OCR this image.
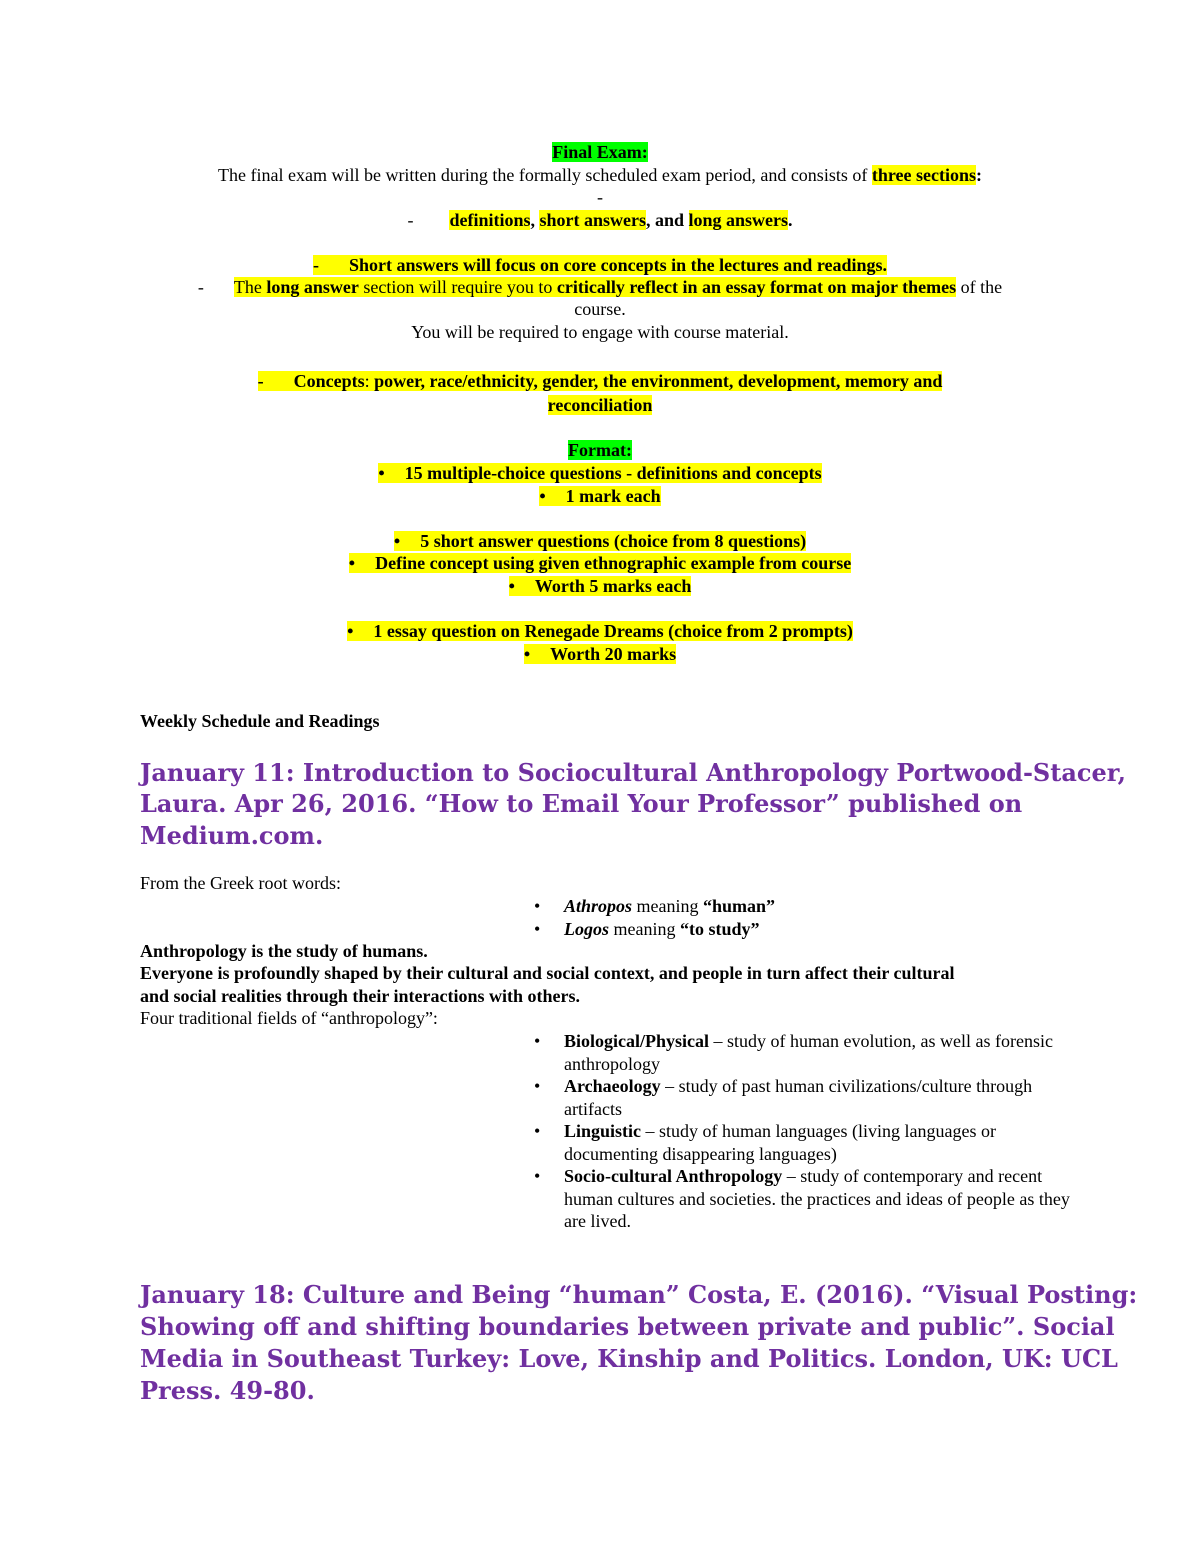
Final Exam:
The final exam will be written during the formally scheduled exam period, and consists of three sections:
-
- definitions, short answers, and long answers.
- Short answers will focus on core concepts in the lectures and readings.
- The long answer section will require you to critically reflect in an essay format on major themes of the
course.
You will be required to engage with course material.
- Concepts: power, race/ethnicity, gender, the environment, development, memory and
reconciliation
Format:
• 15 multiple-choice questions - definitions and concepts
• 1 mark each
• 5 short answer questions (choice from 8 questions)
• Define concept using given ethnographic example from course
• Worth 5 marks each
• 1 essay question on Renegade Dreams (choice from 2 prompts)
• Worth 20 marks
Weekly Schedule and Readings
January 11: Introduction to Sociocultural Anthropology Portwood-Stacer,
Laura. Apr 26, 2016. “How to Email Your Professor” published on
Medium.com.
From the Greek root words:
• Athropos meaning “human”
• Logos meaning “to study”
Anthropology is the study of humans.
Everyone is profoundly shaped by their cultural and social context, and people in turn affect their cultural
and social realities through their interactions with others.
Four traditional fields of “anthropology”:
• Biological/Physical – study of human evolution, as well as forensic anthropology
• Archaeology – study of past human civilizations/culture through artifacts
• Linguistic – study of human languages (living languages or documenting disappearing languages)
• Socio-cultural Anthropology – study of contemporary and recent human cultures and societies. the practices and ideas of people as they are lived.
January 18: Culture and Being “human” Costa, E. (2016). “Visual Posting:
Showing off and shifting boundaries between private and public”. Social
Media in Southeast Turkey: Love, Kinship and Politics. London, UK: UCL
Press. 49-80.
